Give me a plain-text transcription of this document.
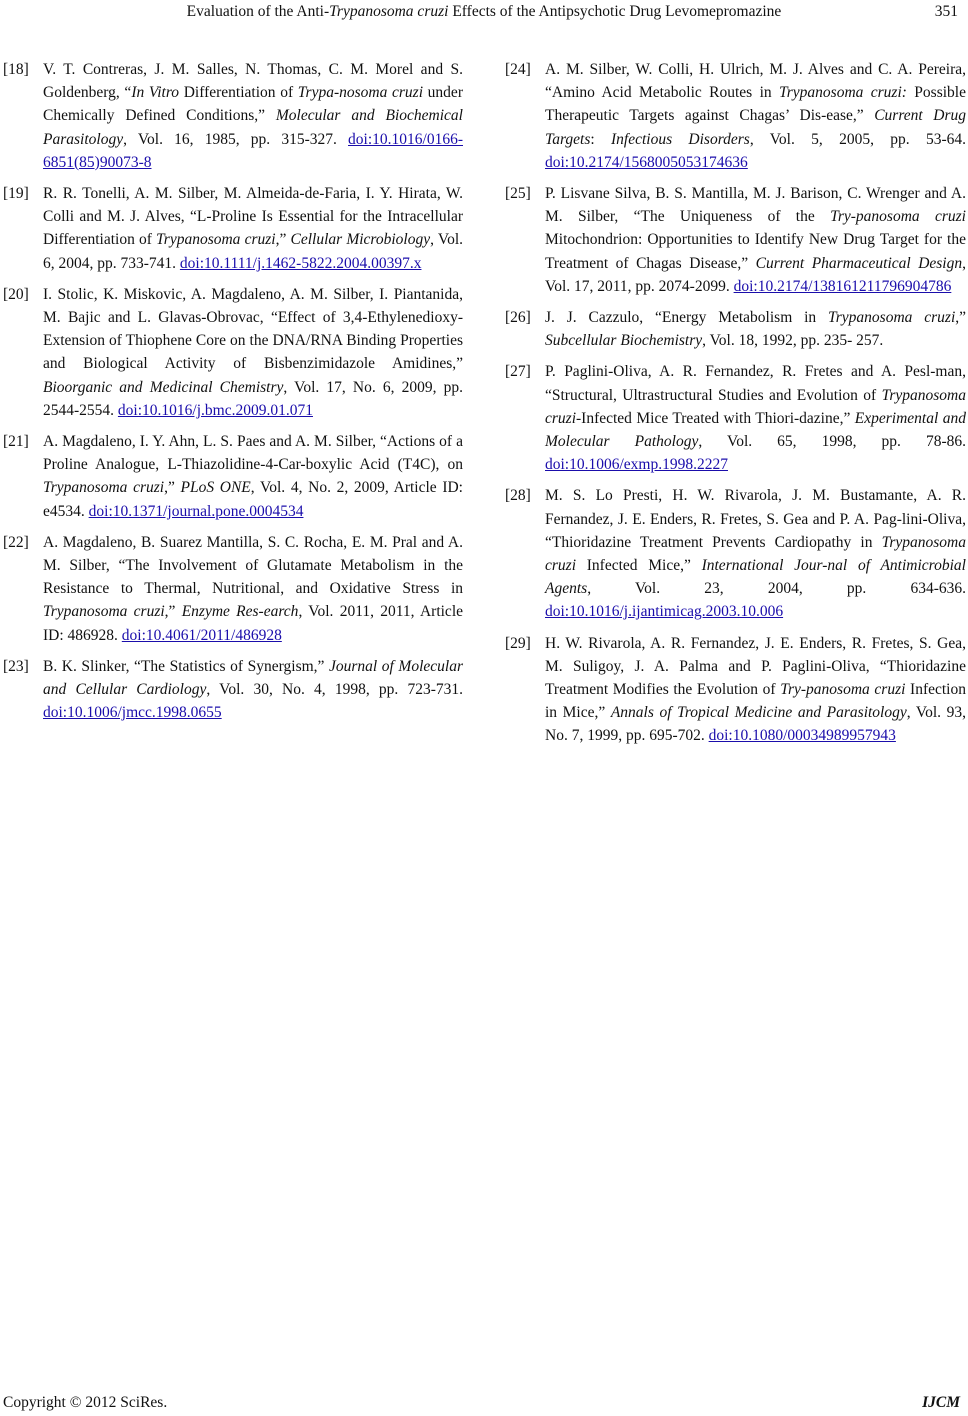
Evaluation of the Anti-Trypanosoma cruzi Effects of the Antipsychotic Drug Levomepromazine	351
[18] V. T. Contreras, J. M. Salles, N. Thomas, C. M. Morel and S. Goldenberg, “In Vitro Differentiation of Trypa-nosoma cruzi under Chemically Defined Conditions,” Molecular and Biochemical Parasitology, Vol. 16, 1985, pp. 315-327. doi:10.1016/0166-6851(85)90073-8
[19] R. R. Tonelli, A. M. Silber, M. Almeida-de-Faria, I. Y. Hirata, W. Colli and M. J. Alves, “L-Proline Is Essential for the Intracellular Differentiation of Trypanosoma cruzi,” Cellular Microbiology, Vol. 6, 2004, pp. 733-741. doi:10.1111/j.1462-5822.2004.00397.x
[20] I. Stolic, K. Miskovic, A. Magdaleno, A. M. Silber, I. Piantanida, M. Bajic and L. Glavas-Obrovac, “Effect of 3,4-Ethylenedioxy-Extension of Thiophene Core on the DNA/RNA Binding Properties and Biological Activity of Bisbenzimidazole Amidines,” Bioorganic and Medicinal Chemistry, Vol. 17, No. 6, 2009, pp. 2544-2554. doi:10.1016/j.bmc.2009.01.071
[21] A. Magdaleno, I. Y. Ahn, L. S. Paes and A. M. Silber, “Actions of a Proline Analogue, L-Thiazolidine-4-Car-boxylic Acid (T4C), on Trypanosoma cruzi,” PLoS ONE, Vol. 4, No. 2, 2009, Article ID: e4534. doi:10.1371/journal.pone.0004534
[22] A. Magdaleno, B. Suarez Mantilla, S. C. Rocha, E. M. Pral and A. M. Silber, “The Involvement of Glutamate Metabolism in the Resistance to Thermal, Nutritional, and Oxidative Stress in Trypanosoma cruzi,” Enzyme Res-earch, Vol. 2011, 2011, Article ID: 486928. doi:10.4061/2011/486928
[23] B. K. Slinker, “The Statistics of Synergism,” Journal of Molecular and Cellular Cardiology, Vol. 30, No. 4, 1998, pp. 723-731. doi:10.1006/jmcc.1998.0655
[24] A. M. Silber, W. Colli, H. Ulrich, M. J. Alves and C. A. Pereira, “Amino Acid Metabolic Routes in Trypanosoma cruzi: Possible Therapeutic Targets against Chagas’ Dis-ease,” Current Drug Targets: Infectious Disorders, Vol. 5, 2005, pp. 53-64. doi:10.2174/1568005053174636
[25] P. Lisvane Silva, B. S. Mantilla, M. J. Barison, C. Wrenger and A. M. Silber, “The Uniqueness of the Try-panosoma cruzi Mitochondrion: Opportunities to Identify New Drug Target for the Treatment of Chagas Disease,” Current Pharmaceutical Design, Vol. 17, 2011, pp. 2074-2099. doi:10.2174/138161211796904786
[26] J. J. Cazzulo, “Energy Metabolism in Trypanosoma cruzi,” Subcellular Biochemistry, Vol. 18, 1992, pp. 235- 257.
[27] P. Paglini-Oliva, A. R. Fernandez, R. Fretes and A. Pesl-man, “Structural, Ultrastructural Studies and Evolution of Trypanosoma cruzi-Infected Mice Treated with Thiori-dazine,” Experimental and Molecular Pathology, Vol. 65, 1998, pp. 78-86. doi:10.1006/exmp.1998.2227
[28] M. S. Lo Presti, H. W. Rivarola, J. M. Bustamante, A. R. Fernandez, J. E. Enders, R. Fretes, S. Gea and P. A. Pag-lini-Oliva, “Thioridazine Treatment Prevents Cardiopathy in Trypanosoma cruzi Infected Mice,” International Jour-nal of Antimicrobial Agents, Vol. 23, 2004, pp. 634-636. doi:10.1016/j.ijantimicag.2003.10.006
[29] H. W. Rivarola, A. R. Fernandez, J. E. Enders, R. Fretes, S. Gea, M. Suligoy, J. A. Palma and P. Paglini-Oliva, “Thioridazine Treatment Modifies the Evolution of Try-panosoma cruzi Infection in Mice,” Annals of Tropical Medicine and Parasitology, Vol. 93, No. 7, 1999, pp. 695-702. doi:10.1080/00034989957943
Copyright © 2012 SciRes.	IJCM
